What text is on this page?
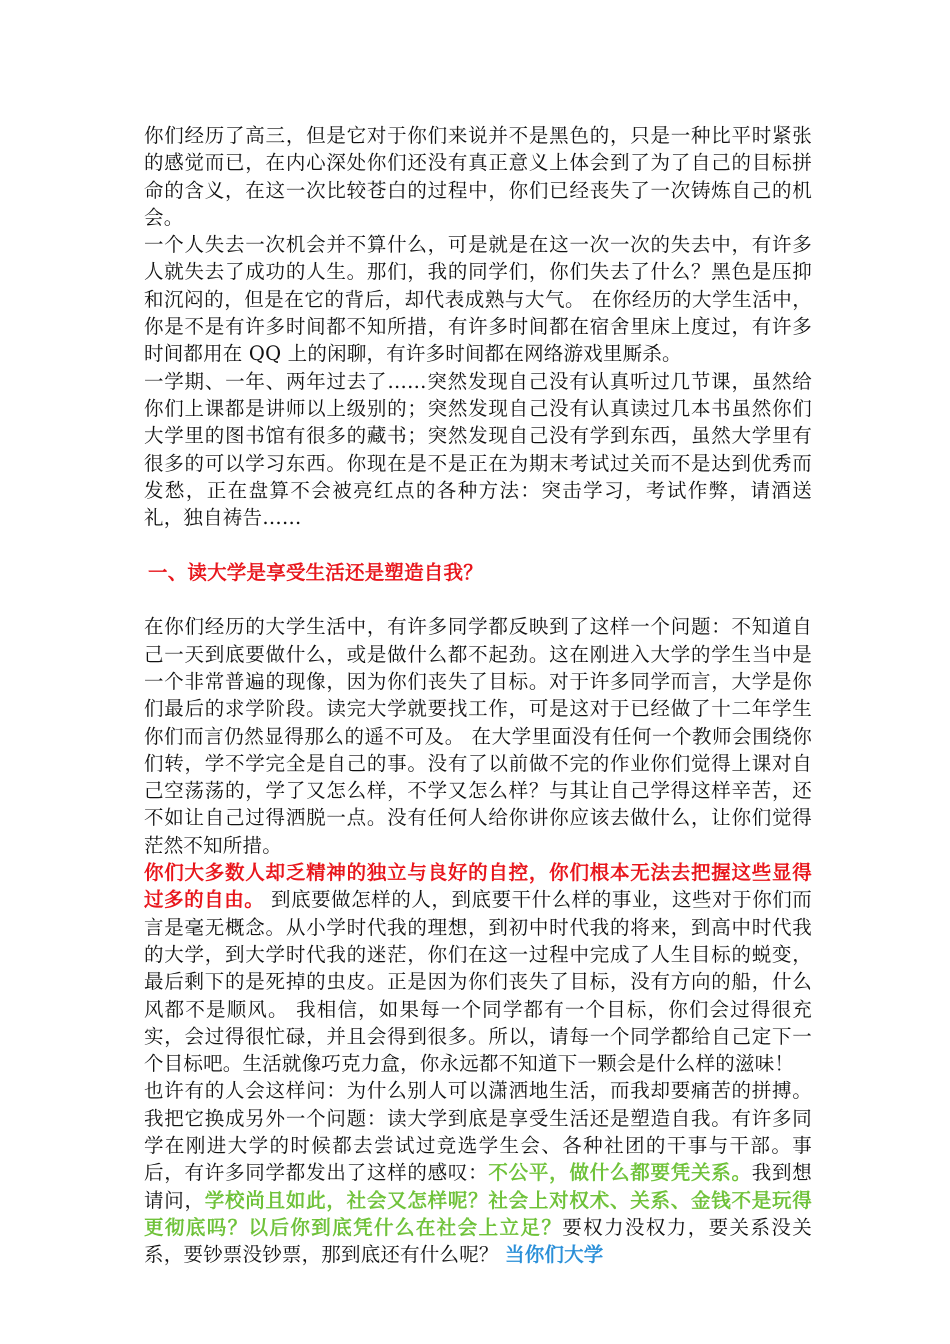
你们经历了高三，但是它对于你们来说并不是黑色的，只是一种比平时紧张的感觉而已，在内心深处你们还没有真正意义上体会到了为了自己的目标拼命的含义，在这一次比较苍白的过程中，你们已经丧失了一次铸炼自己的机会。

一个人失去一次机会并不算什么，可是就是在这一次一次的失去中，有许多人就失去了成功的人生。那们，我的同学们，你们失去了什么？黑色是压抑和沉闷的，但是在它的背后，却代表成熟与大气。 在你经历的大学生活中，你是不是有许多时间都不知所措，有许多时间都在宿舍里床上度过，有许多时间都用在 QQ 上的闲聊，有许多时间都在网络游戏里厮杀。

一学期、一年、两年过去了……突然发现自己没有认真听过几节课，虽然给你们上课都是讲师以上级别的；突然发现自己没有认真读过几本书虽然你们大学里的图书馆有很多的藏书；突然发现自己没有学到东西，虽然大学里有很多的可以学习东西。你现在是不是正在为期末考试过关而不是达到优秀而发愁，正在盘算不会被亮红点的各种方法：突击学习，考试作弊，请酒送礼，独自祷告……

一、读大学是享受生活还是塑造自我？

在你们经历的大学生活中，有许多同学都反映到了这样一个问题：不知道自己一天到底要做什么，或是做什么都不起劲。这在刚进入大学的学生当中是一个非常普遍的现像，因为你们丧失了目标。对于许多同学而言，大学是你们最后的求学阶段。读完大学就要找工作，可是这对于已经做了十二年学生你们而言仍然显得那么的遥不可及。 在大学里面没有任何一个教师会围绕你们转，学不学完全是自己的事。没有了以前做不完的作业你们觉得上课对自己空荡荡的，学了又怎么样，不学又怎么样？与其让自己学得这样辛苦，还不如让自己过得洒脱一点。没有任何人给你讲你应该去做什么，让你们觉得茫然不知所措。

你们大多数人却乏精神的独立与良好的自控，你们根本无法去把握这些显得过多的自由。 到底要做怎样的人，到底要干什么样的事业，这些对于你们而言是毫无概念。从小学时代我的理想，到初中时代我的将来，到高中时代我的大学，到大学时代我的迷茫，你们在这一过程中完成了人生目标的蜕变，最后剩下的是死掉的虫皮。正是因为你们丧失了目标，没有方向的船，什么风都不是顺风。 我相信，如果每一个同学都有一个目标，你们会过得很充实，会过得很忙碌，并且会得到很多。所以，请每一个同学都给自己定下一个目标吧。生活就像巧克力盒，你永远都不知道下一颗会是什么样的滋味！

也许有的人会这样问：为什么别人可以潇洒地生活，而我却要痛苦的拼搏。我把它换成另外一个问题：读大学到底是享受生活还是塑造自我。有许多同学在刚进大学的时候都去尝试过竞选学生会、各种社团的干事与干部。事后，有许多同学都发出了这样的感叹：不公平，做什么都要凭关系。我到想请问，学校尚且如此，社会又怎样呢？社会上对权术、关系、金钱不是玩得更彻底吗？以后你到底凭什么在社会上立足？要权力没权力，要关系没关系，要钞票没钞票，那到底还有什么呢？ 当你们大学
